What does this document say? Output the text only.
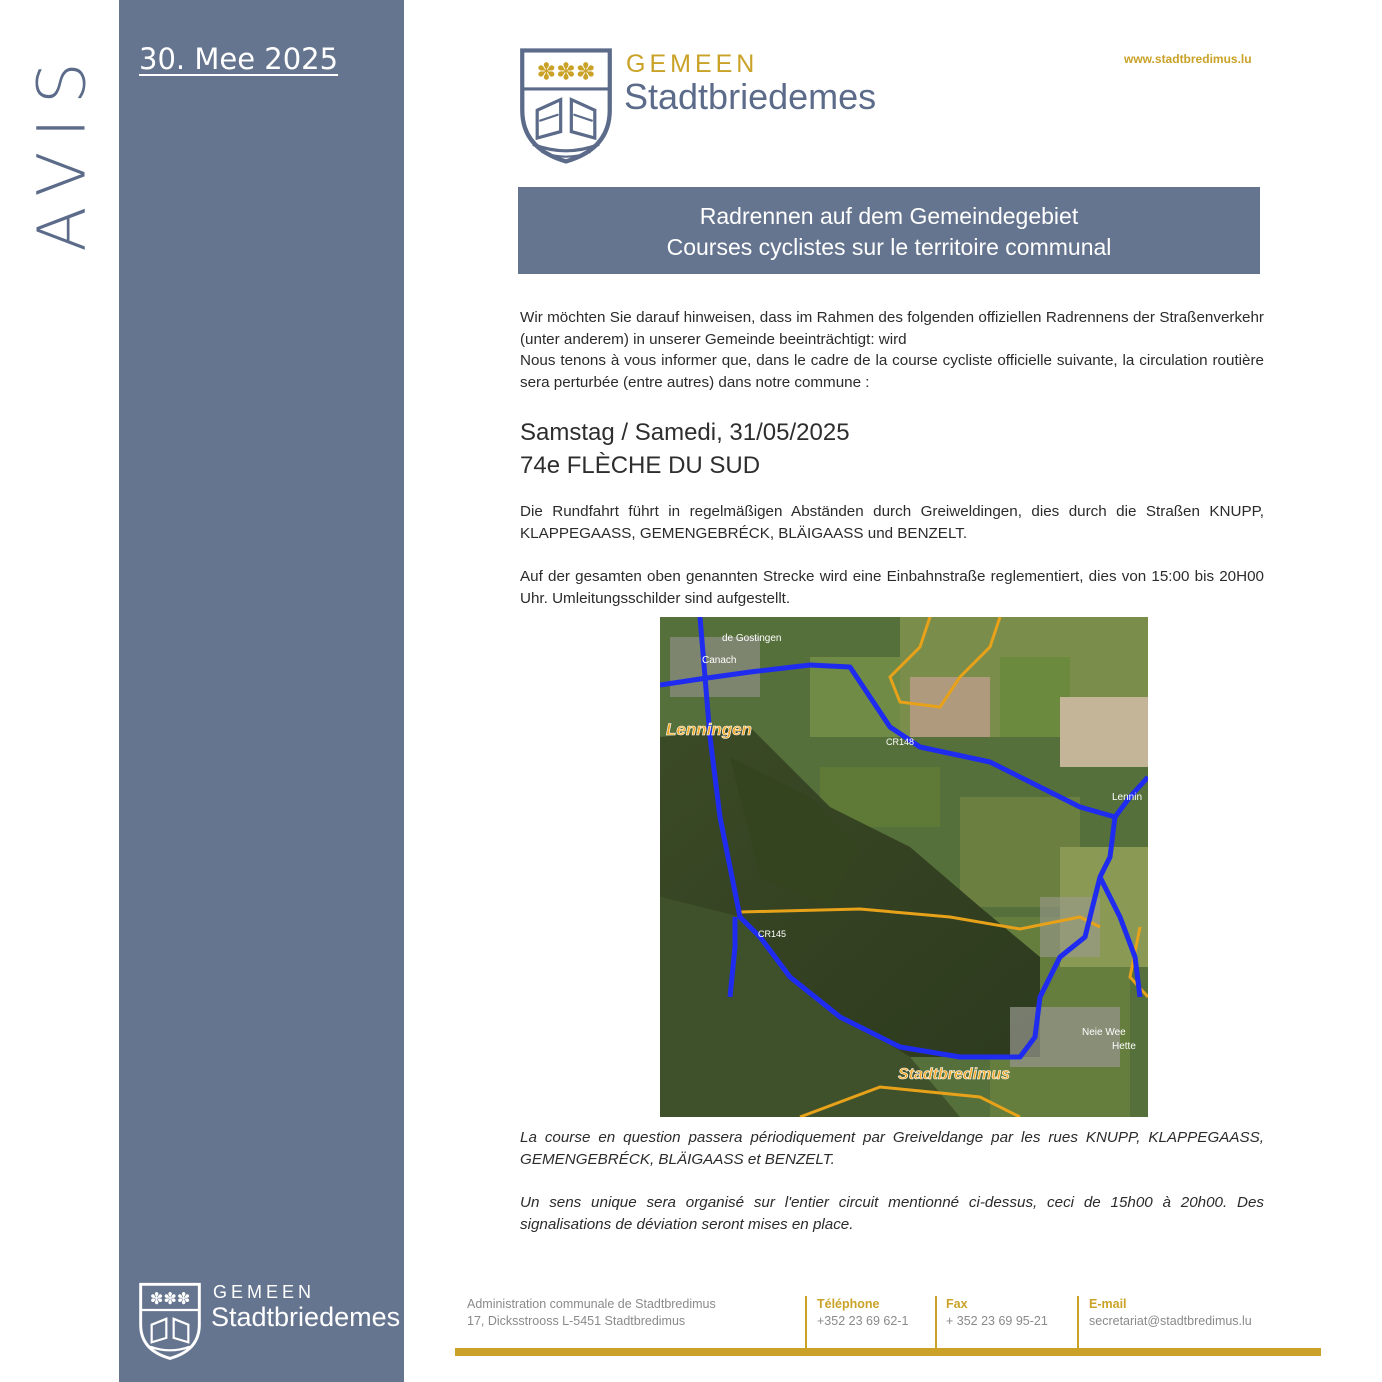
AVIS 30. Mee 2025
✽✽✽ GEMEEN
Stadtbriedemes
✽✽✽ GEMEEN
Stadtbriedemes
www.stadtbredimus.lu
Radrennen auf dem Gemeindegebiet
Courses cyclistes sur le territoire communal
Wir möchten Sie darauf hinweisen, dass im Rahmen des folgenden offiziellen Radrennens der Straßenverkehr (unter anderem) in unserer Gemeinde beeinträchtigt: wird
Nous tenons à vous informer que, dans le cadre de la course cycliste officielle suivante, la circulation routière sera perturbée (entre autres) dans notre commune :
Samstag / Samedi, 31/05/2025
74e FLÈCHE DU SUD
Die Rundfahrt führt in regelmäßigen Abständen durch Greiweldingen, dies durch die Straßen KNUPP, KLAPPEGAASS, GEMENGEBRÉCK, BLÄIGAASS und BENZELT.
Auf der gesamten oben genannten Strecke wird eine Einbahnstraße reglementiert, dies von 15:00 bis 20H00 Uhr. Umleitungsschilder sind aufgestellt.
Lenningen
Stadtbredimus
Canach
de Gostingen
Lennin
Neie Wee
Hette
CR148
CR145
La course en question passera périodiquement par Greiveldange par les rues KNUPP, KLAPPEGAASS, GEMENGEBRÉCK, BLÄIGAASS et BENZELT.
Un sens unique sera organisé sur l'entier circuit mentionné ci-dessus, ceci de 15h00 à 20h00. Des signalisations de déviation seront mises en place.
Administration communale de Stadtbredimus
17, Dicksstrooss L-5451 Stadtbredimus
Téléphone
+352 23 69 62-1
Fax
+ 352 23 69 95-21
E-mail
secretariat@stadtbredimus.lu
